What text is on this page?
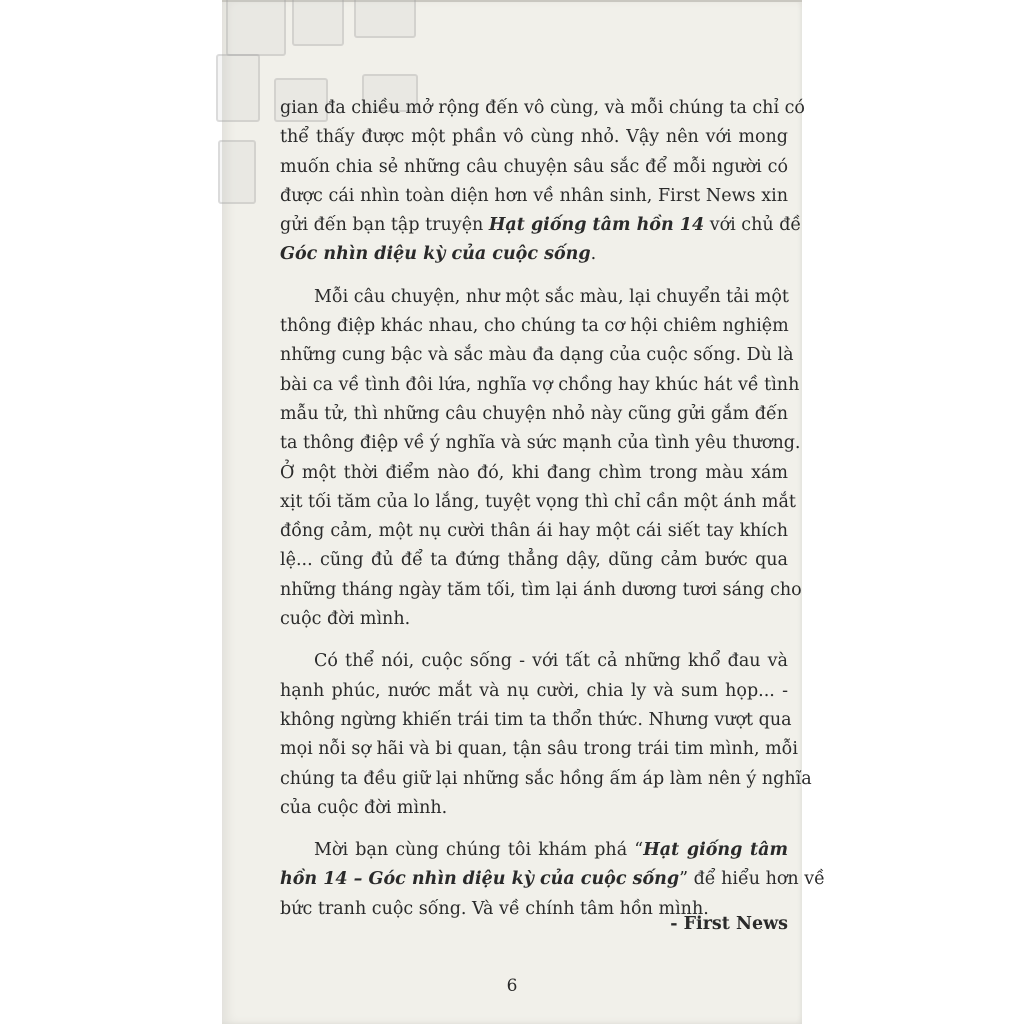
gian đa chiều mở rộng đến vô cùng, và mỗi chúng ta chỉ có
thể thấy được một phần vô cùng nhỏ. Vậy nên với mong
muốn chia sẻ những câu chuyện sâu sắc để mỗi người có
được cái nhìn toàn diện hơn về nhân sinh, First News xin
gửi đến bạn tập truyện Hạt giống tâm hồn 14 với chủ đề
Góc nhìn diệu kỳ của cuộc sống.
Mỗi câu chuyện, như một sắc màu, lại chuyển tải một
thông điệp khác nhau, cho chúng ta cơ hội chiêm nghiệm
những cung bậc và sắc màu đa dạng của cuộc sống. Dù là
bài ca về tình đôi lứa, nghĩa vợ chồng hay khúc hát về tình
mẫu tử, thì những câu chuyện nhỏ này cũng gửi gắm đến
ta thông điệp về ý nghĩa và sức mạnh của tình yêu thương.
Ở một thời điểm nào đó, khi đang chìm trong màu xám
xịt tối tăm của lo lắng, tuyệt vọng thì chỉ cần một ánh mắt
đồng cảm, một nụ cười thân ái hay một cái siết tay khích
lệ... cũng đủ để ta đứng thẳng dậy, dũng cảm bước qua
những tháng ngày tăm tối, tìm lại ánh dương tươi sáng cho
cuộc đời mình.
Có thể nói, cuộc sống - với tất cả những khổ đau và
hạnh phúc, nước mắt và nụ cười, chia ly và sum họp... -
không ngừng khiến trái tim ta thổn thức. Nhưng vượt qua
mọi nỗi sợ hãi và bi quan, tận sâu trong trái tim mình, mỗi
chúng ta đều giữ lại những sắc hồng ấm áp làm nên ý nghĩa
của cuộc đời mình.
Mời bạn cùng chúng tôi khám phá “Hạt giống tâm
hồn 14 – Góc nhìn diệu kỳ của cuộc sống” để hiểu hơn về
bức tranh cuộc sống. Và về chính tâm hồn mình.
- First News
6
